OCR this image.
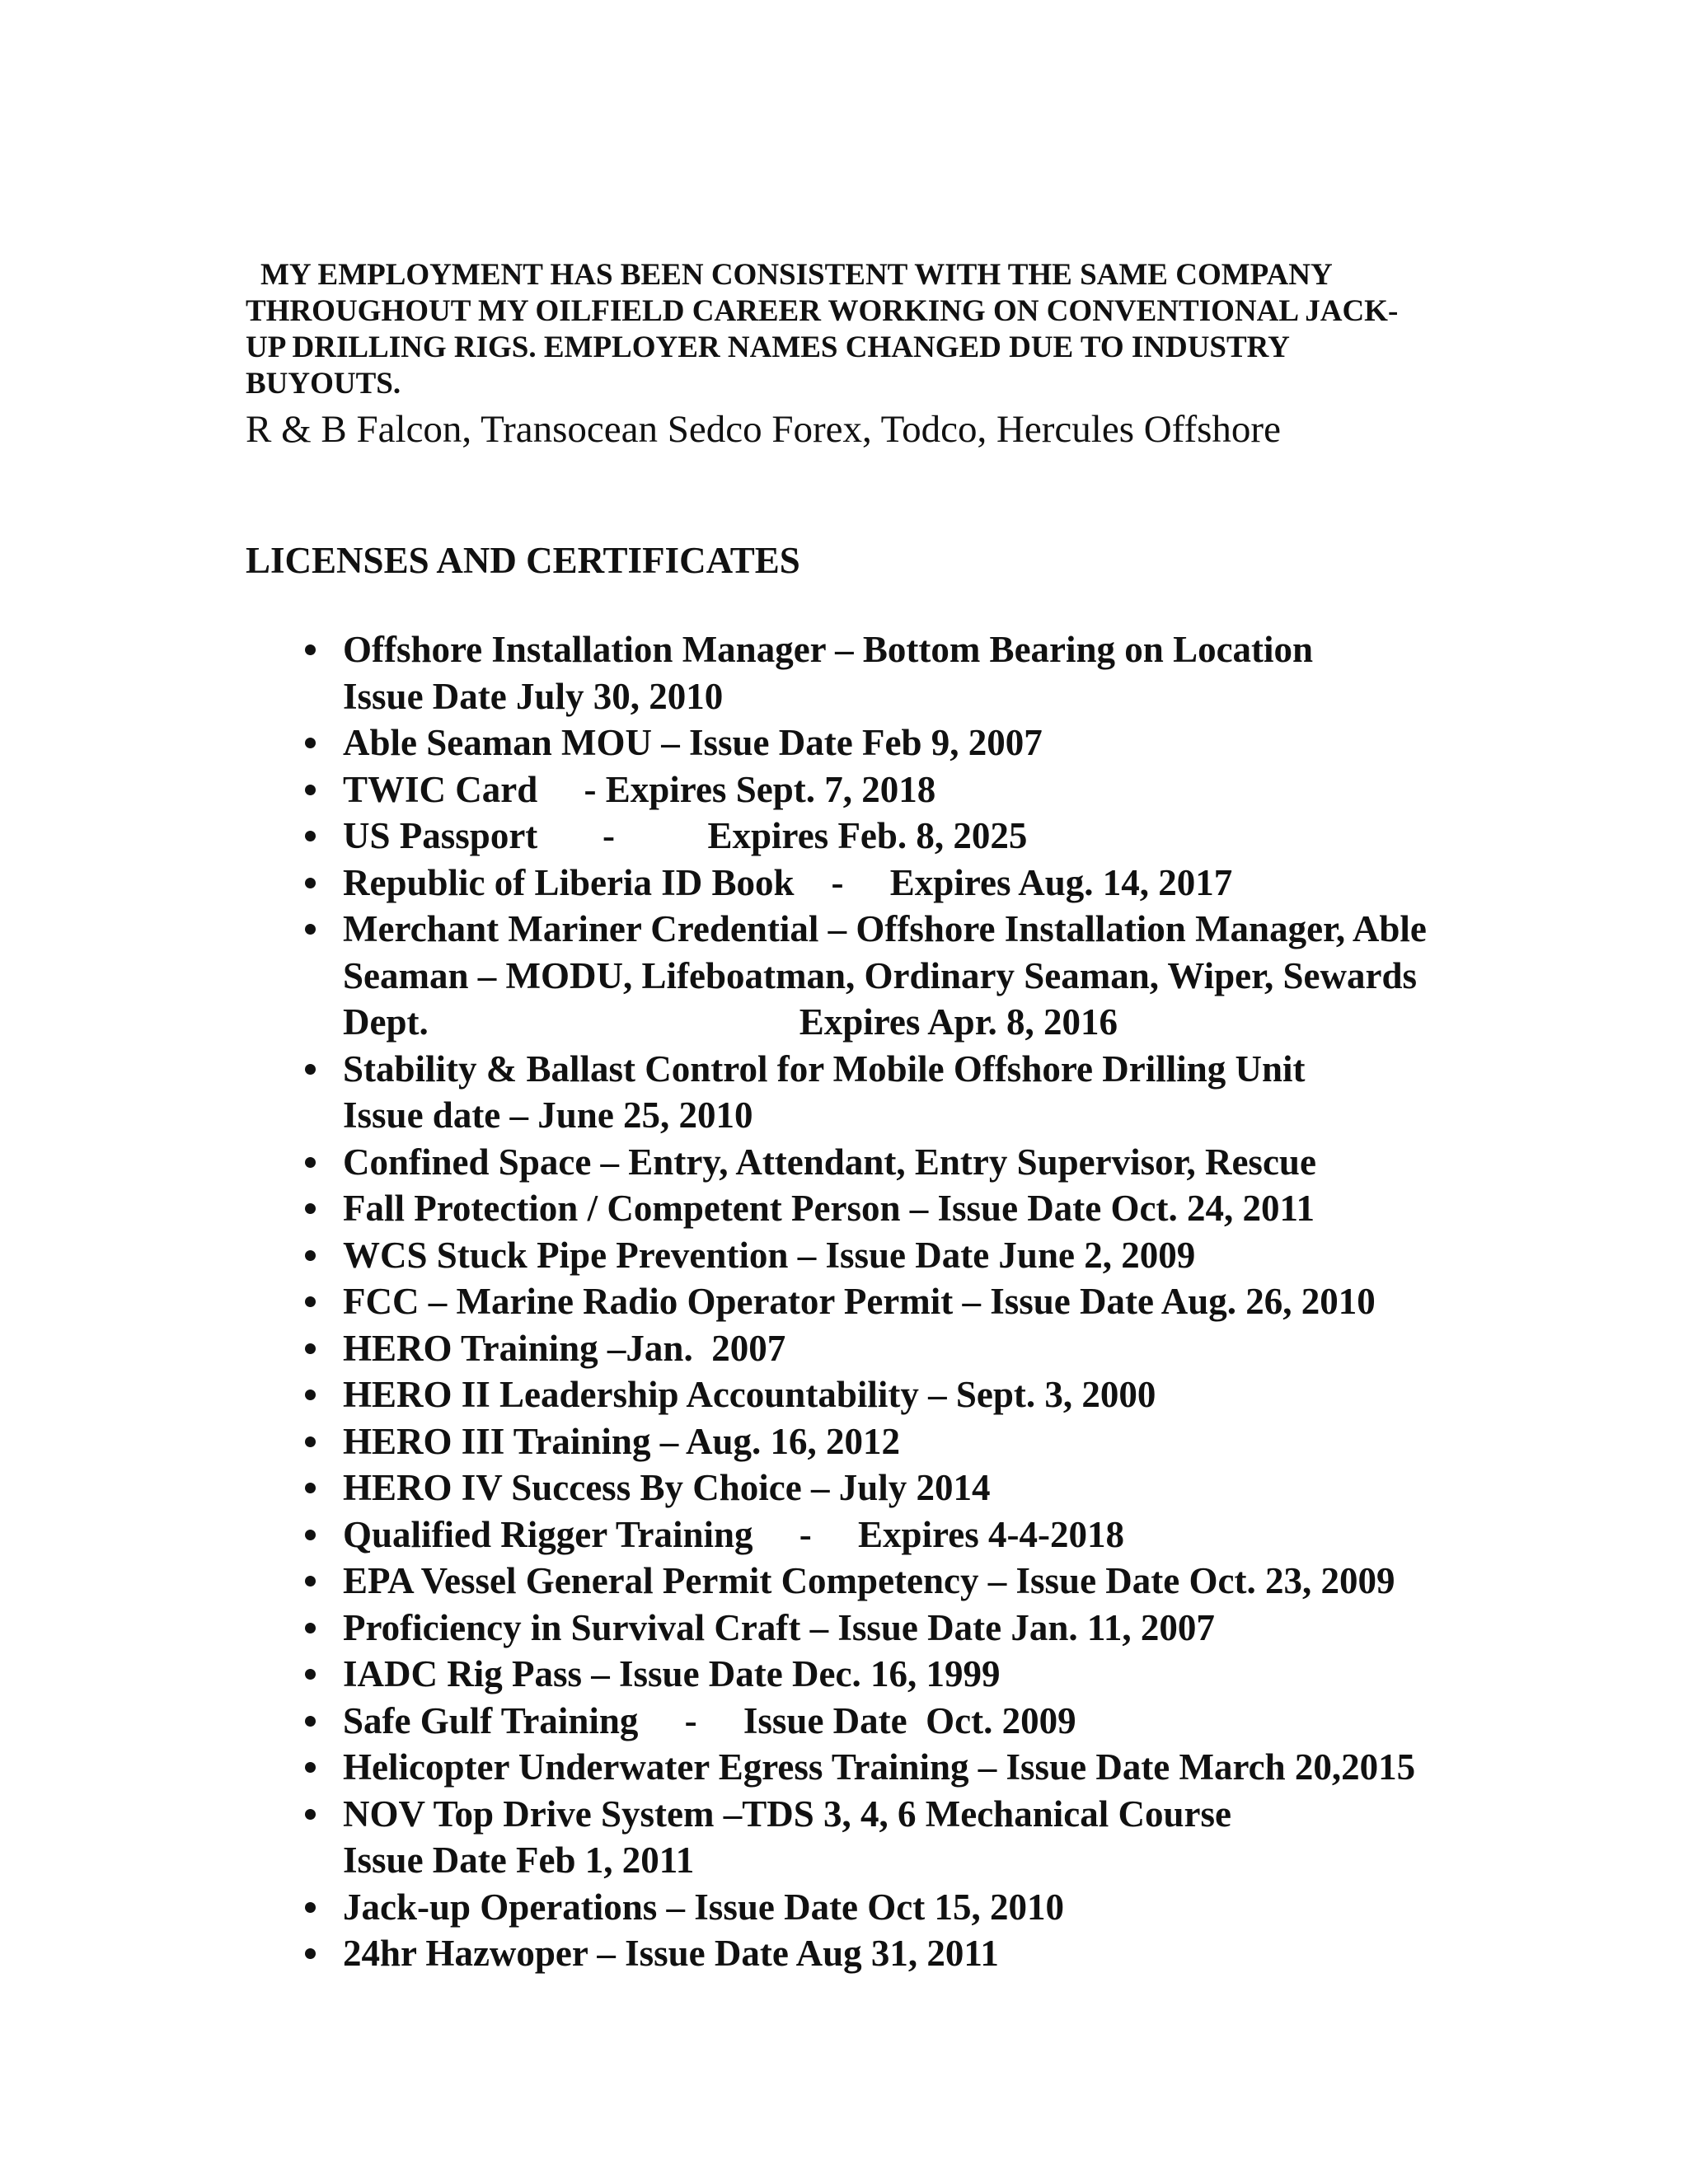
MY EMPLOYMENT HAS BEEN CONSISTENT WITH THE SAME COMPANY
THROUGHOUT MY OILFIELD CAREER WORKING ON CONVENTIONAL JACK-
UP DRILLING RIGS. EMPLOYER NAMES CHANGED DUE TO INDUSTRY
BUYOUTS.

R & B Falcon, Transocean Sedco Forex, Todco, Hercules Offshore

LICENSES AND CERTIFICATES
Offshore Installation Manager – Bottom Bearing on Location
Issue Date July 30, 2010
Able Seaman MOU – Issue Date Feb 9, 2007
TWIC Card     - Expires Sept. 7, 2018
US Passport       -          Expires Feb. 8, 2025
Republic of Liberia ID Book    -     Expires Aug. 14, 2017
Merchant Mariner Credential – Offshore Installation Manager, Able
Seaman – MODU, Lifeboatman, Ordinary Seaman, Wiper, Sewards
Dept.                                        Expires Apr. 8, 2016
Stability & Ballast Control for Mobile Offshore Drilling Unit
Issue date – June 25, 2010
Confined Space – Entry, Attendant, Entry Supervisor, Rescue
Fall Protection / Competent Person – Issue Date Oct. 24, 2011
WCS Stuck Pipe Prevention – Issue Date June 2, 2009
FCC – Marine Radio Operator Permit – Issue Date Aug. 26, 2010
HERO Training –Jan.  2007
HERO II Leadership Accountability – Sept. 3, 2000
HERO III Training – Aug. 16, 2012
HERO IV Success By Choice – July 2014
Qualified Rigger Training     -     Expires 4-4-2018
EPA Vessel General Permit Competency – Issue Date Oct. 23, 2009
Proficiency in Survival Craft – Issue Date Jan. 11, 2007
IADC Rig Pass – Issue Date Dec. 16, 1999
Safe Gulf Training     -     Issue Date  Oct. 2009
Helicopter Underwater Egress Training – Issue Date March 20,2015
NOV Top Drive System –TDS 3, 4, 6 Mechanical Course
Issue Date Feb 1, 2011
Jack-up Operations – Issue Date Oct 15, 2010
24hr Hazwoper – Issue Date Aug 31, 2011
